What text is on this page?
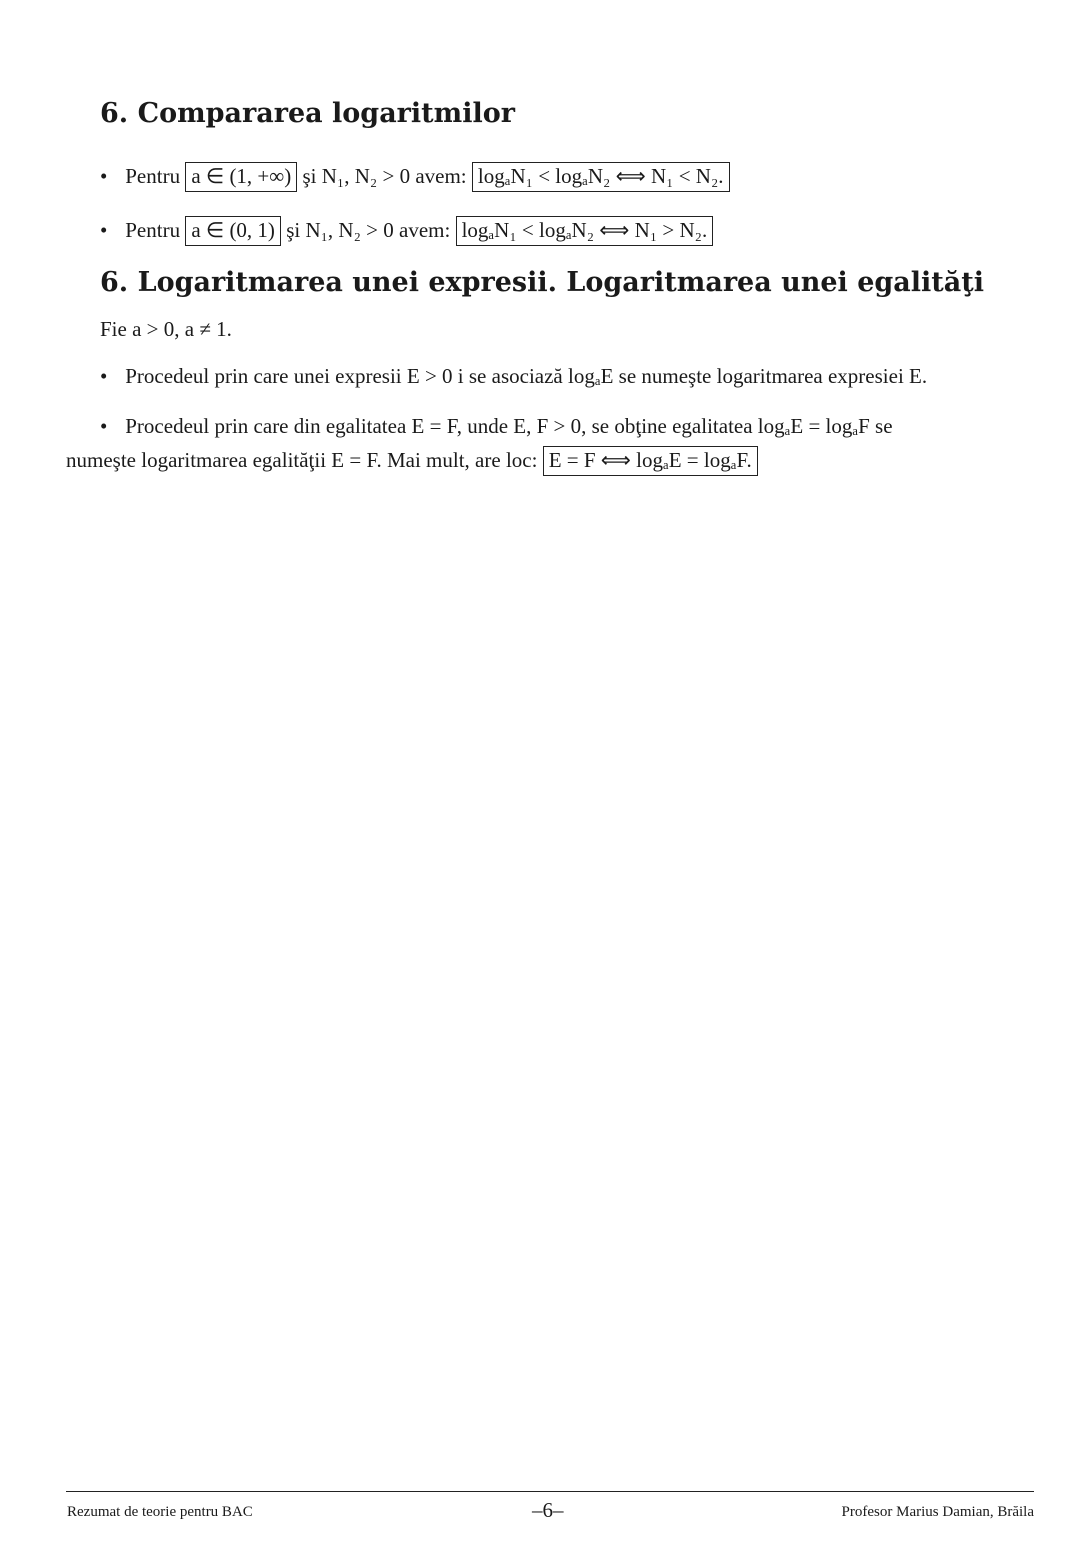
6. Compararea logaritmilor
• Pentru a ∈ (1, +∞) şi N₁, N₂ > 0 avem: logₐN₁ < logₐN₂ ⟺ N₁ < N₂.
• Pentru a ∈ (0, 1) şi N₁, N₂ > 0 avem: logₐN₁ < logₐN₂ ⟺ N₁ > N₂.
6. Logaritmarea unei expresii. Logaritmarea unei egalităţi
Fie a > 0, a ≠ 1.
• Procedeul prin care unei expresii E > 0 i se asociază logₐE se numeşte logaritmarea expresiei E.
• Procedeul prin care din egalitatea E = F, unde E, F > 0, se obţine egalitatea logₐE = logₐF se
numeşte logaritmarea egalităţii E = F. Mai mult, are loc: E = F ⟺ logₐE = logₐF.
Rezumat de teorie pentru BAC	–6–	Profesor Marius Damian, Brăila
